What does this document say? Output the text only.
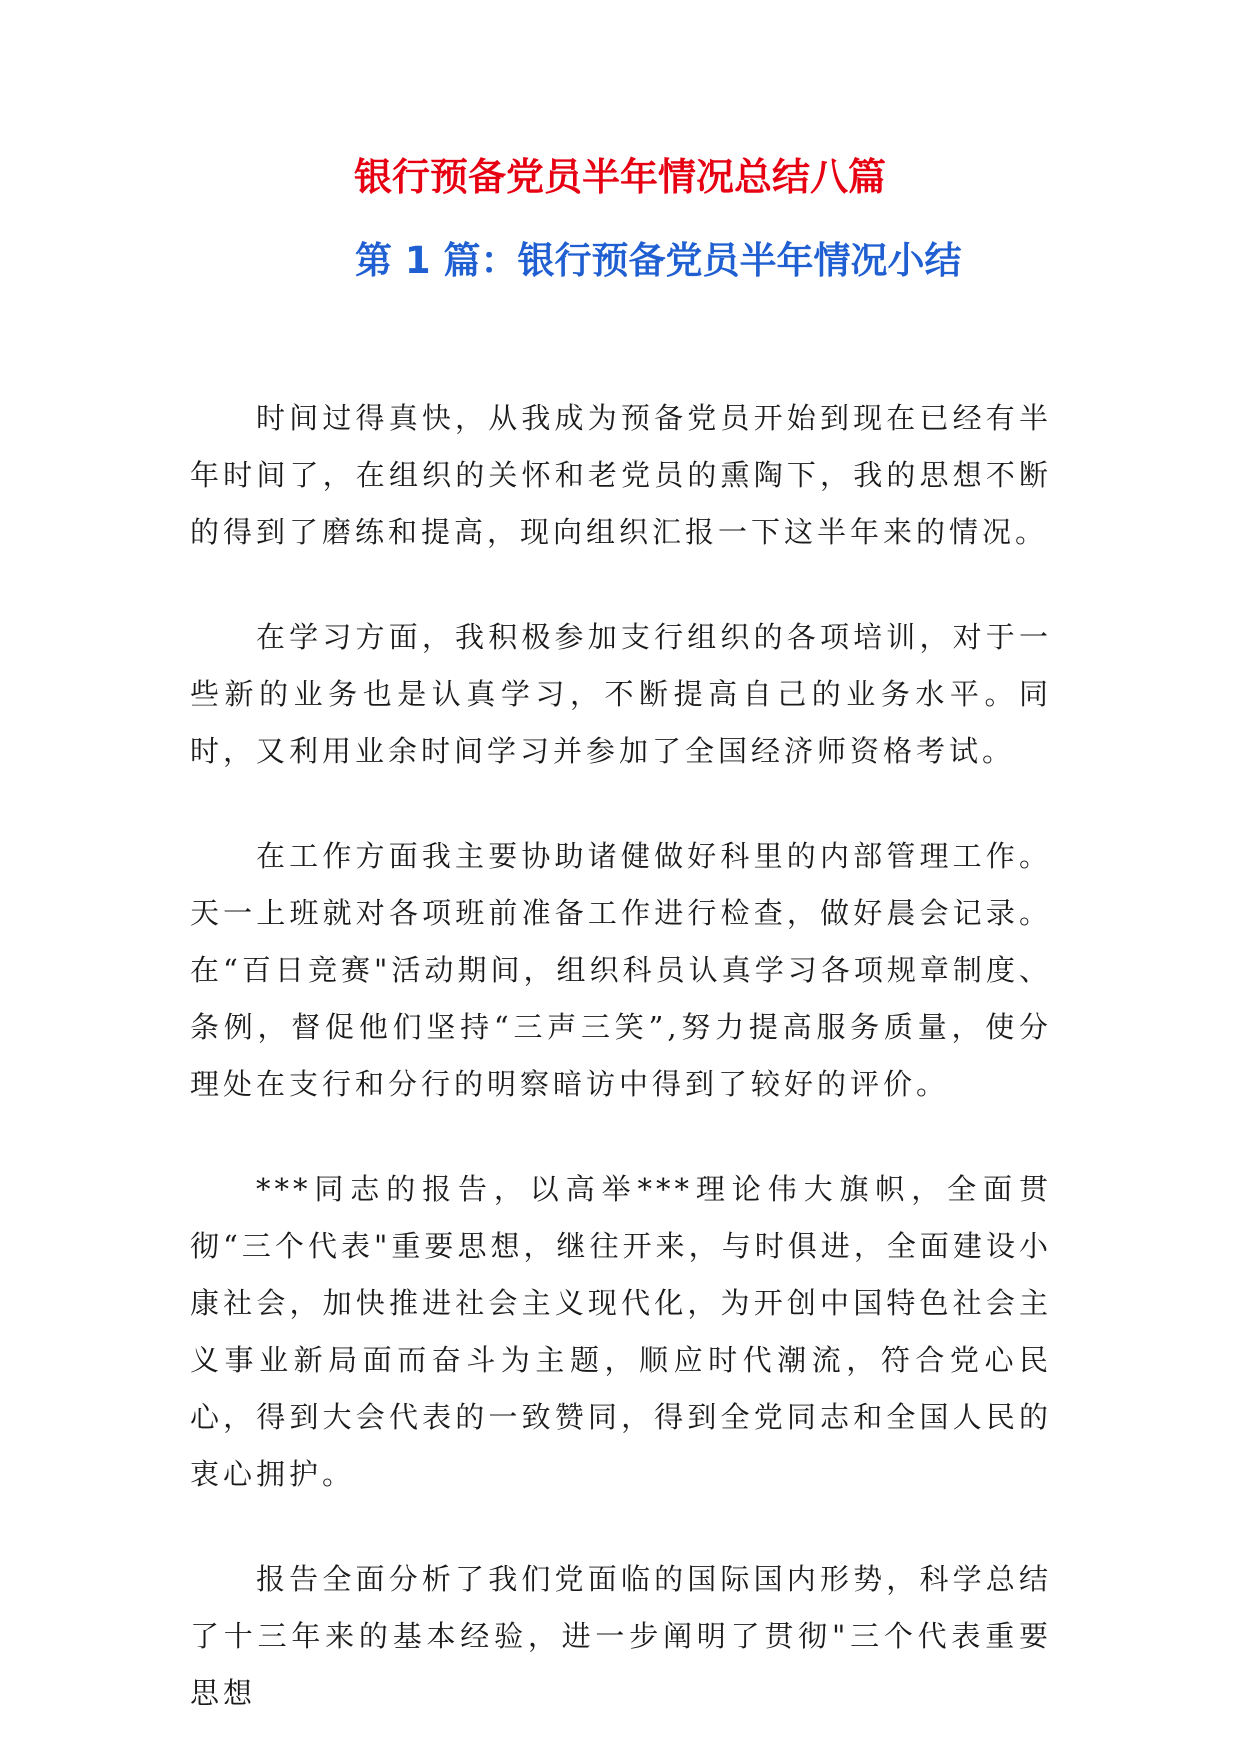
银行预备党员半年情况总结八篇
第 1 篇：银行预备党员半年情况小结

时间过得真快，从我成为预备党员开始到现在已经有半年时间了，在组织的关怀和老党员的熏陶下，我的思想不断的得到了磨练和提高，现向组织汇报一下这半年来的情况。

在学习方面，我积极参加支行组织的各项培训，对于一些新的业务也是认真学习，不断提高自己的业务水平。同时，又利用业余时间学习并参加了全国经济师资格考试。

在工作方面我主要协助诸健做好科里的内部管理工作。天一上班就对各项班前准备工作进行检查，做好晨会记录。在“百日竞赛"活动期间，组织科员认真学习各项规章制度、条例，督促他们坚持“三声三笑”,努力提高服务质量，使分理处在支行和分行的明察暗访中得到了较好的评价。

***同志的报告，以高举***理论伟大旗帜，全面贯彻“三个代表"重要思想，继往开来，与时俱进，全面建设小康社会，加快推进社会主义现代化，为开创中国特色社会主义事业新局面而奋斗为主题，顺应时代潮流，符合党心民心，得到大会代表的一致赞同，得到全党同志和全国人民的衷心拥护。

报告全面分析了我们党面临的国际国内形势，科学总结了十三年来的基本经验，进一步阐明了贯彻"三个代表重要思想
